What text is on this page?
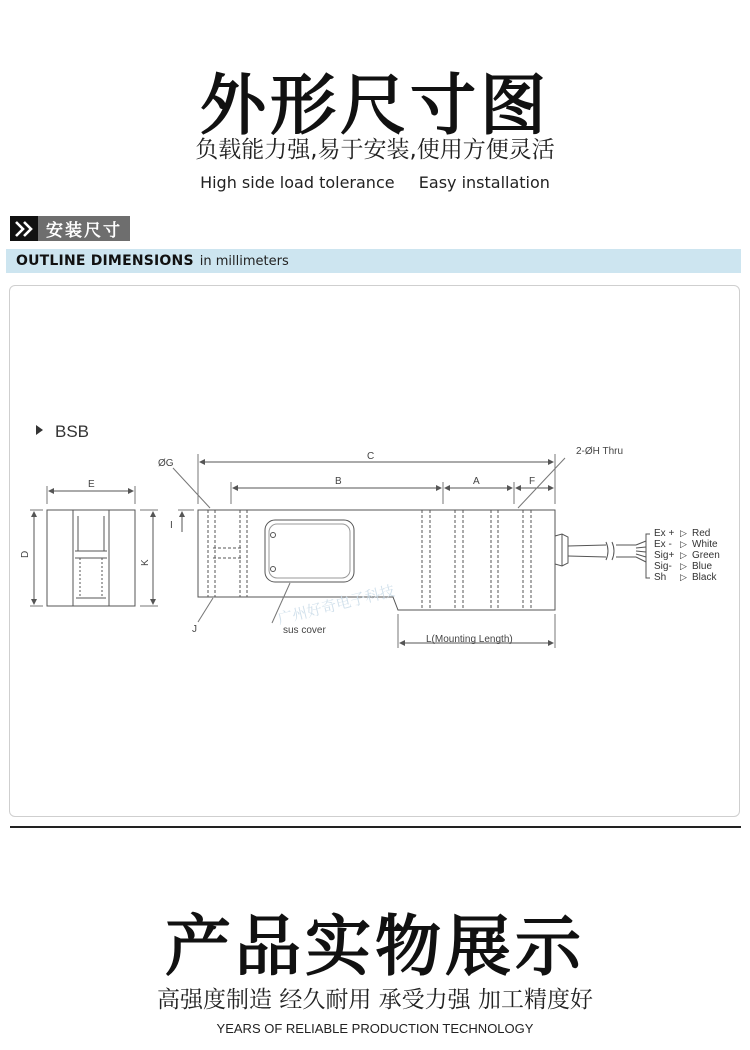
外形尺寸图
负载能力强,易于安装,使用方便灵活
High side load tolerance Easy installation
安装尺寸
OUTLINE DIMENSIONS in millimeters
BSB
E
D
K
ØG
C
B	A	F
2-ØH Thru
I
J	sus cover
L(Mounting Length)
广州好奇电子科技
Ex + ▷ Red
Ex - ▷ White
Sig+ ▷ Green
Sig- ▷ Blue
Sh ▷ Black
产品实物展示
高强度制造 经久耐用 承受力强 加工精度好
YEARS OF RELIABLE PRODUCTION TECHNOLOGY
